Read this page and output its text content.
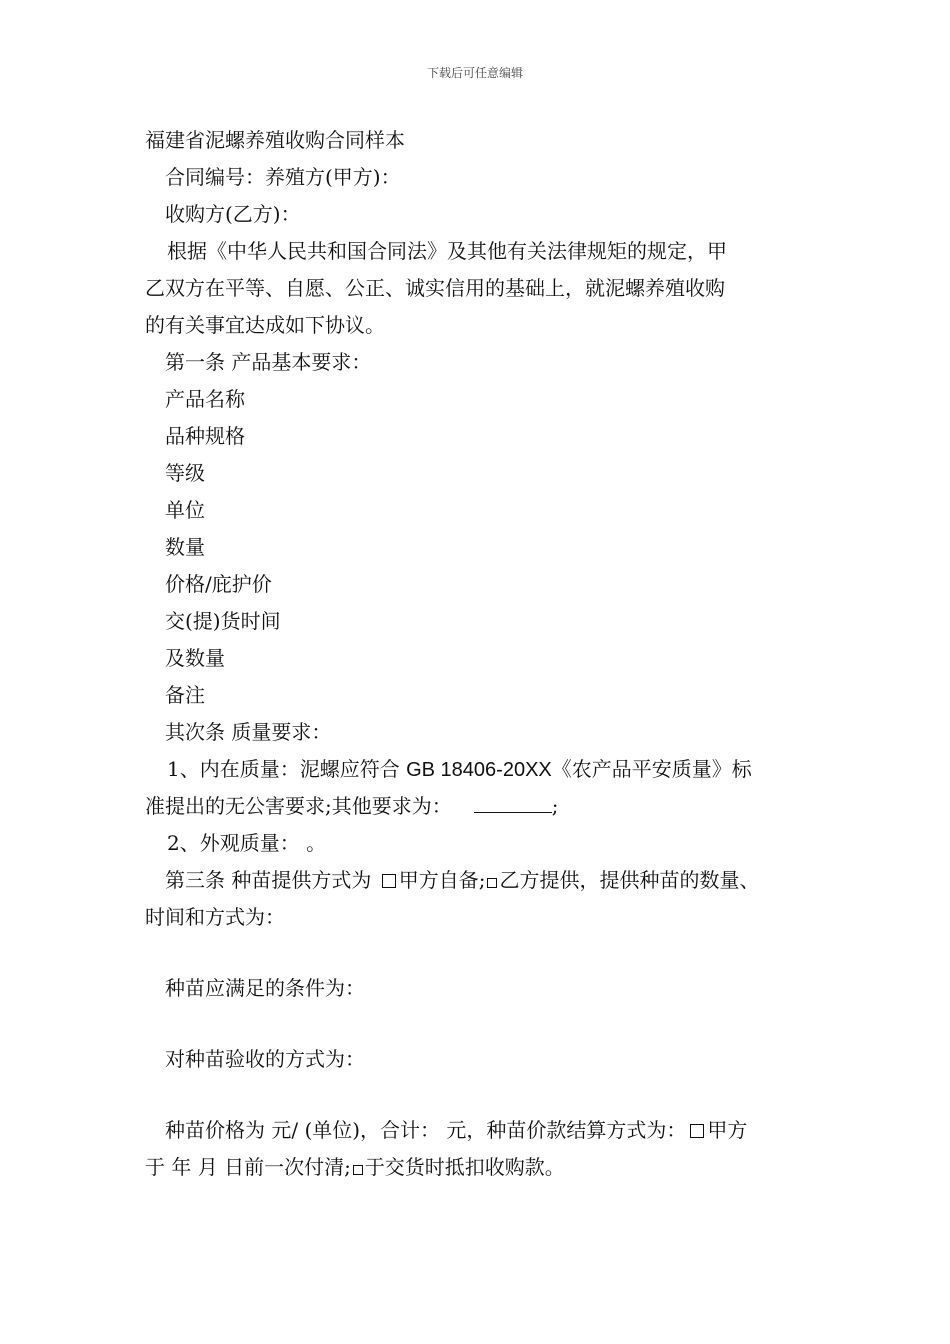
下载后可任意编辑
福建省泥螺养殖收购合同样本
合同编号：养殖方(甲方)：
收购方(乙方)：
根据《中华人民共和国合同法》及其他有关法律规矩的规定，甲
乙双方在平等、自愿、公正、诚实信用的基础上，就泥螺养殖收购
的有关事宜达成如下协议。
第一条 产品基本要求：
产品名称
品种规格
等级
单位
数量
价格/庇护价
交(提)货时间
及数量
备注
其次条 质量要求：
1、内在质量：泥螺应符合 GB 18406-20XX《农产品平安质量》标
准提出的无公害要求;其他要求为：	;
2、外观质量： 。
第三条 种苗提供方式为 甲方自备; 乙方提供，提供种苗的数量、
时间和方式为：
种苗应满足的条件为：
对种苗验收的方式为：
种苗价格为 元/ (单位)，合计： 元，种苗价款结算方式为： 甲方
于 年 月 日前一次付清; 于交货时抵扣收购款。
